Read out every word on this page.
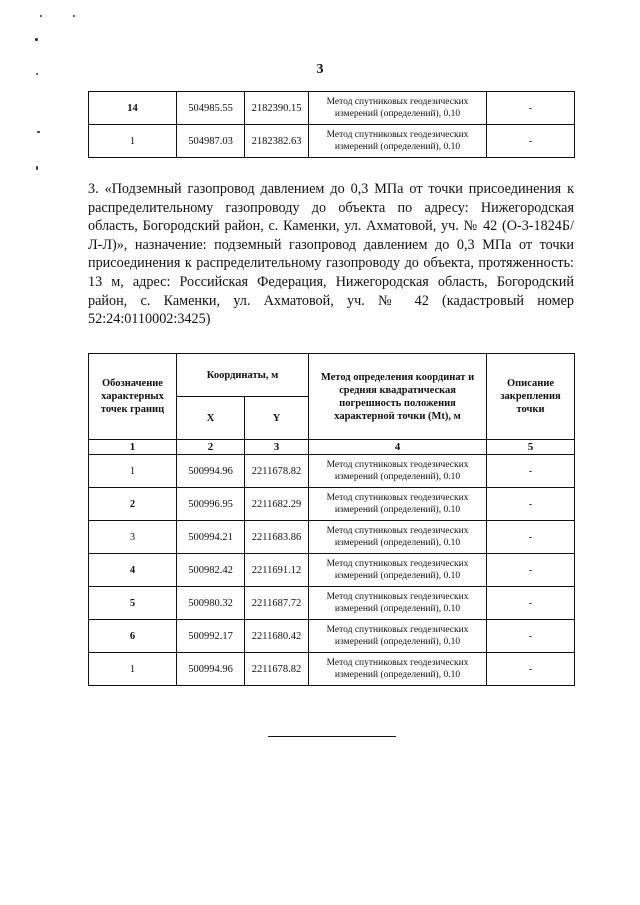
3
14	504985.55	2182390.15	Метод спутниковых геодезических измерений (определений), 0.10	-
1	504987.03	2182382.63	Метод спутниковых геодезических измерений (определений), 0.10	-
3. «Подземный газопровод давлением до 0,3 МПа от точки присоединения к распределительному газопроводу до объекта по адресу: Нижегородская область, Богородский район, с. Каменки, ул. Ахматовой, уч. № 42 (О-3-1824Б/Л-Л)», назначение: подземный газопровод давлением до 0,3 МПа от точки присоединения к распределительному газопроводу до объекта, протяженность: 13 м, адрес: Российская Федерация, Нижегородская область, Богородский район, с. Каменки, ул. Ахматовой, уч. № 42 (кадастровый номер 52:24:0110002:3425)
Обозначение характерных точек границ	Координаты, м		Метод определения координат и средняя квадратическая погрешность положения характерной точки (Mt), м	Описание закрепления точки
	X	Y		
1	2	3	4	5
1	500994.96	2211678.82	Метод спутниковых геодезических измерений (определений), 0.10	-
2	500996.95	2211682.29	Метод спутниковых геодезических измерений (определений), 0.10	-
3	500994.21	2211683.86	Метод спутниковых геодезических измерений (определений), 0.10	-
4	500982.42	2211691.12	Метод спутниковых геодезических измерений (определений), 0.10	-
5	500980.32	2211687.72	Метод спутниковых геодезических измерений (определений), 0.10	-
6	500992.17	2211680.42	Метод спутниковых геодезических измерений (определений), 0.10	-
1	500994.96	2211678.82	Метод спутниковых геодезических измерений (определений), 0.10	-
